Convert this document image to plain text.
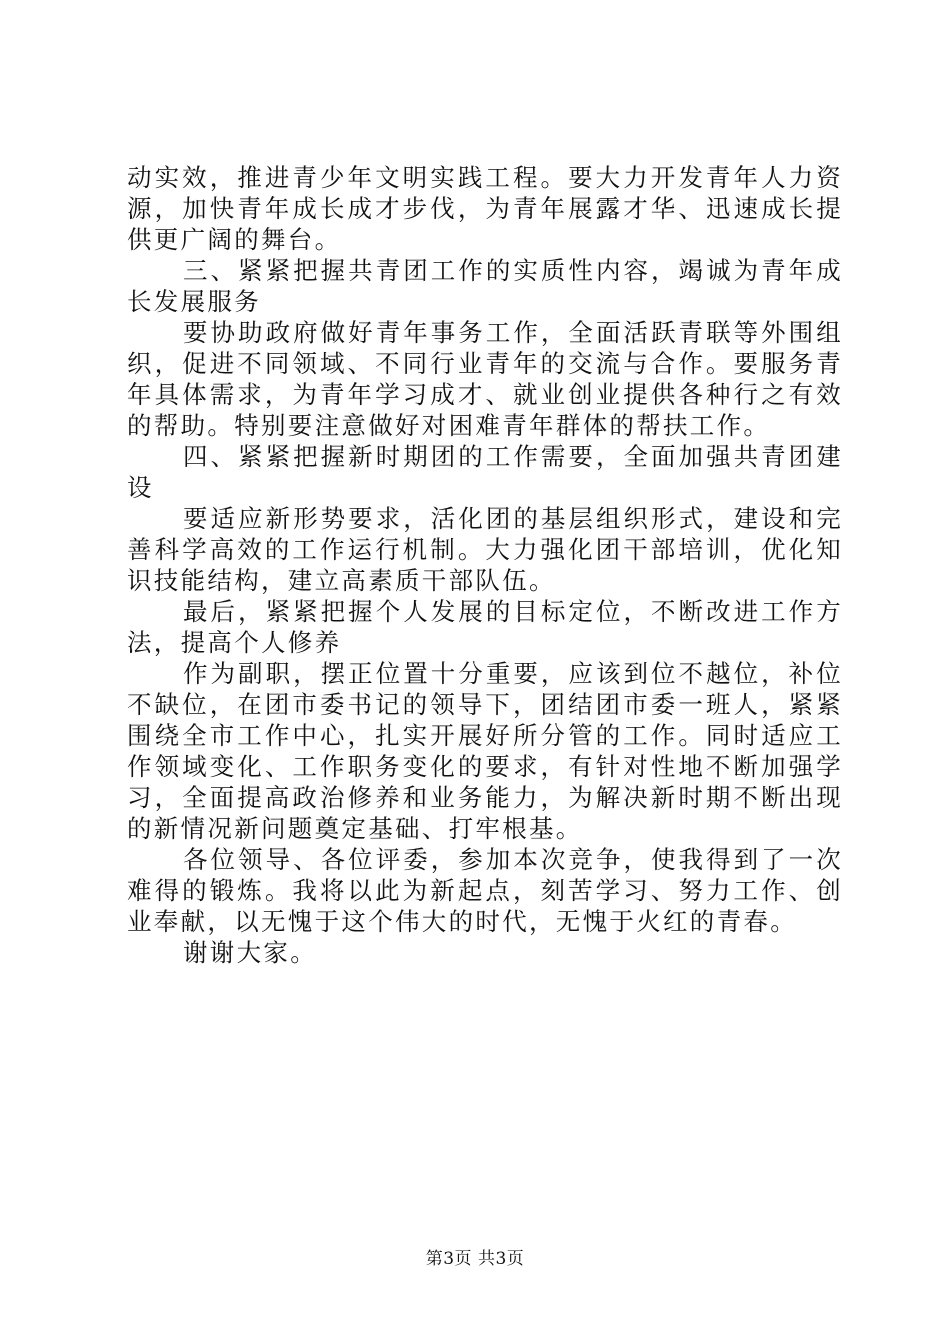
动实效，推进青少年文明实践工程。要大力开发青年人力资源，加快青年成长成才步伐，为青年展露才华、迅速成长提供更广阔的舞台。

三、紧紧把握共青团工作的实质性内容，竭诚为青年成长发展服务

要协助政府做好青年事务工作，全面活跃青联等外围组织，促进不同领域、不同行业青年的交流与合作。要服务青年具体需求，为青年学习成才、就业创业提供各种行之有效的帮助。特别要注意做好对困难青年群体的帮扶工作。

四、紧紧把握新时期团的工作需要，全面加强共青团建设

要适应新形势要求，活化团的基层组织形式，建设和完善科学高效的工作运行机制。大力强化团干部培训，优化知识技能结构，建立高素质干部队伍。

最后，紧紧把握个人发展的目标定位，不断改进工作方法，提高个人修养

作为副职，摆正位置十分重要，应该到位不越位，补位不缺位，在团市委书记的领导下，团结团市委一班人，紧紧围绕全市工作中心，扎实开展好所分管的工作。同时适应工作领域变化、工作职务变化的要求，有针对性地不断加强学习，全面提高政治修养和业务能力，为解决新时期不断出现的新情况新问题奠定基础、打牢根基。

各位领导、各位评委，参加本次竞争，使我得到了一次难得的锻炼。我将以此为新起点，刻苦学习、努力工作、创业奉献，以无愧于这个伟大的时代，无愧于火红的青春。

谢谢大家。

第3页 共3页
